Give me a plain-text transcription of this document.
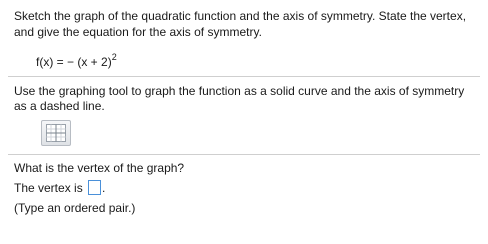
Sketch the graph of the quadratic function and the axis of symmetry. State the vertex, and give the equation for the axis of symmetry.
f(x) = − $(x + 2)^2$
Use the graphing tool to graph the function as a solid curve and the axis of symmetry as a dashed line.
What is the vertex of the graph?
The vertex is .
(Type an ordered pair.)
